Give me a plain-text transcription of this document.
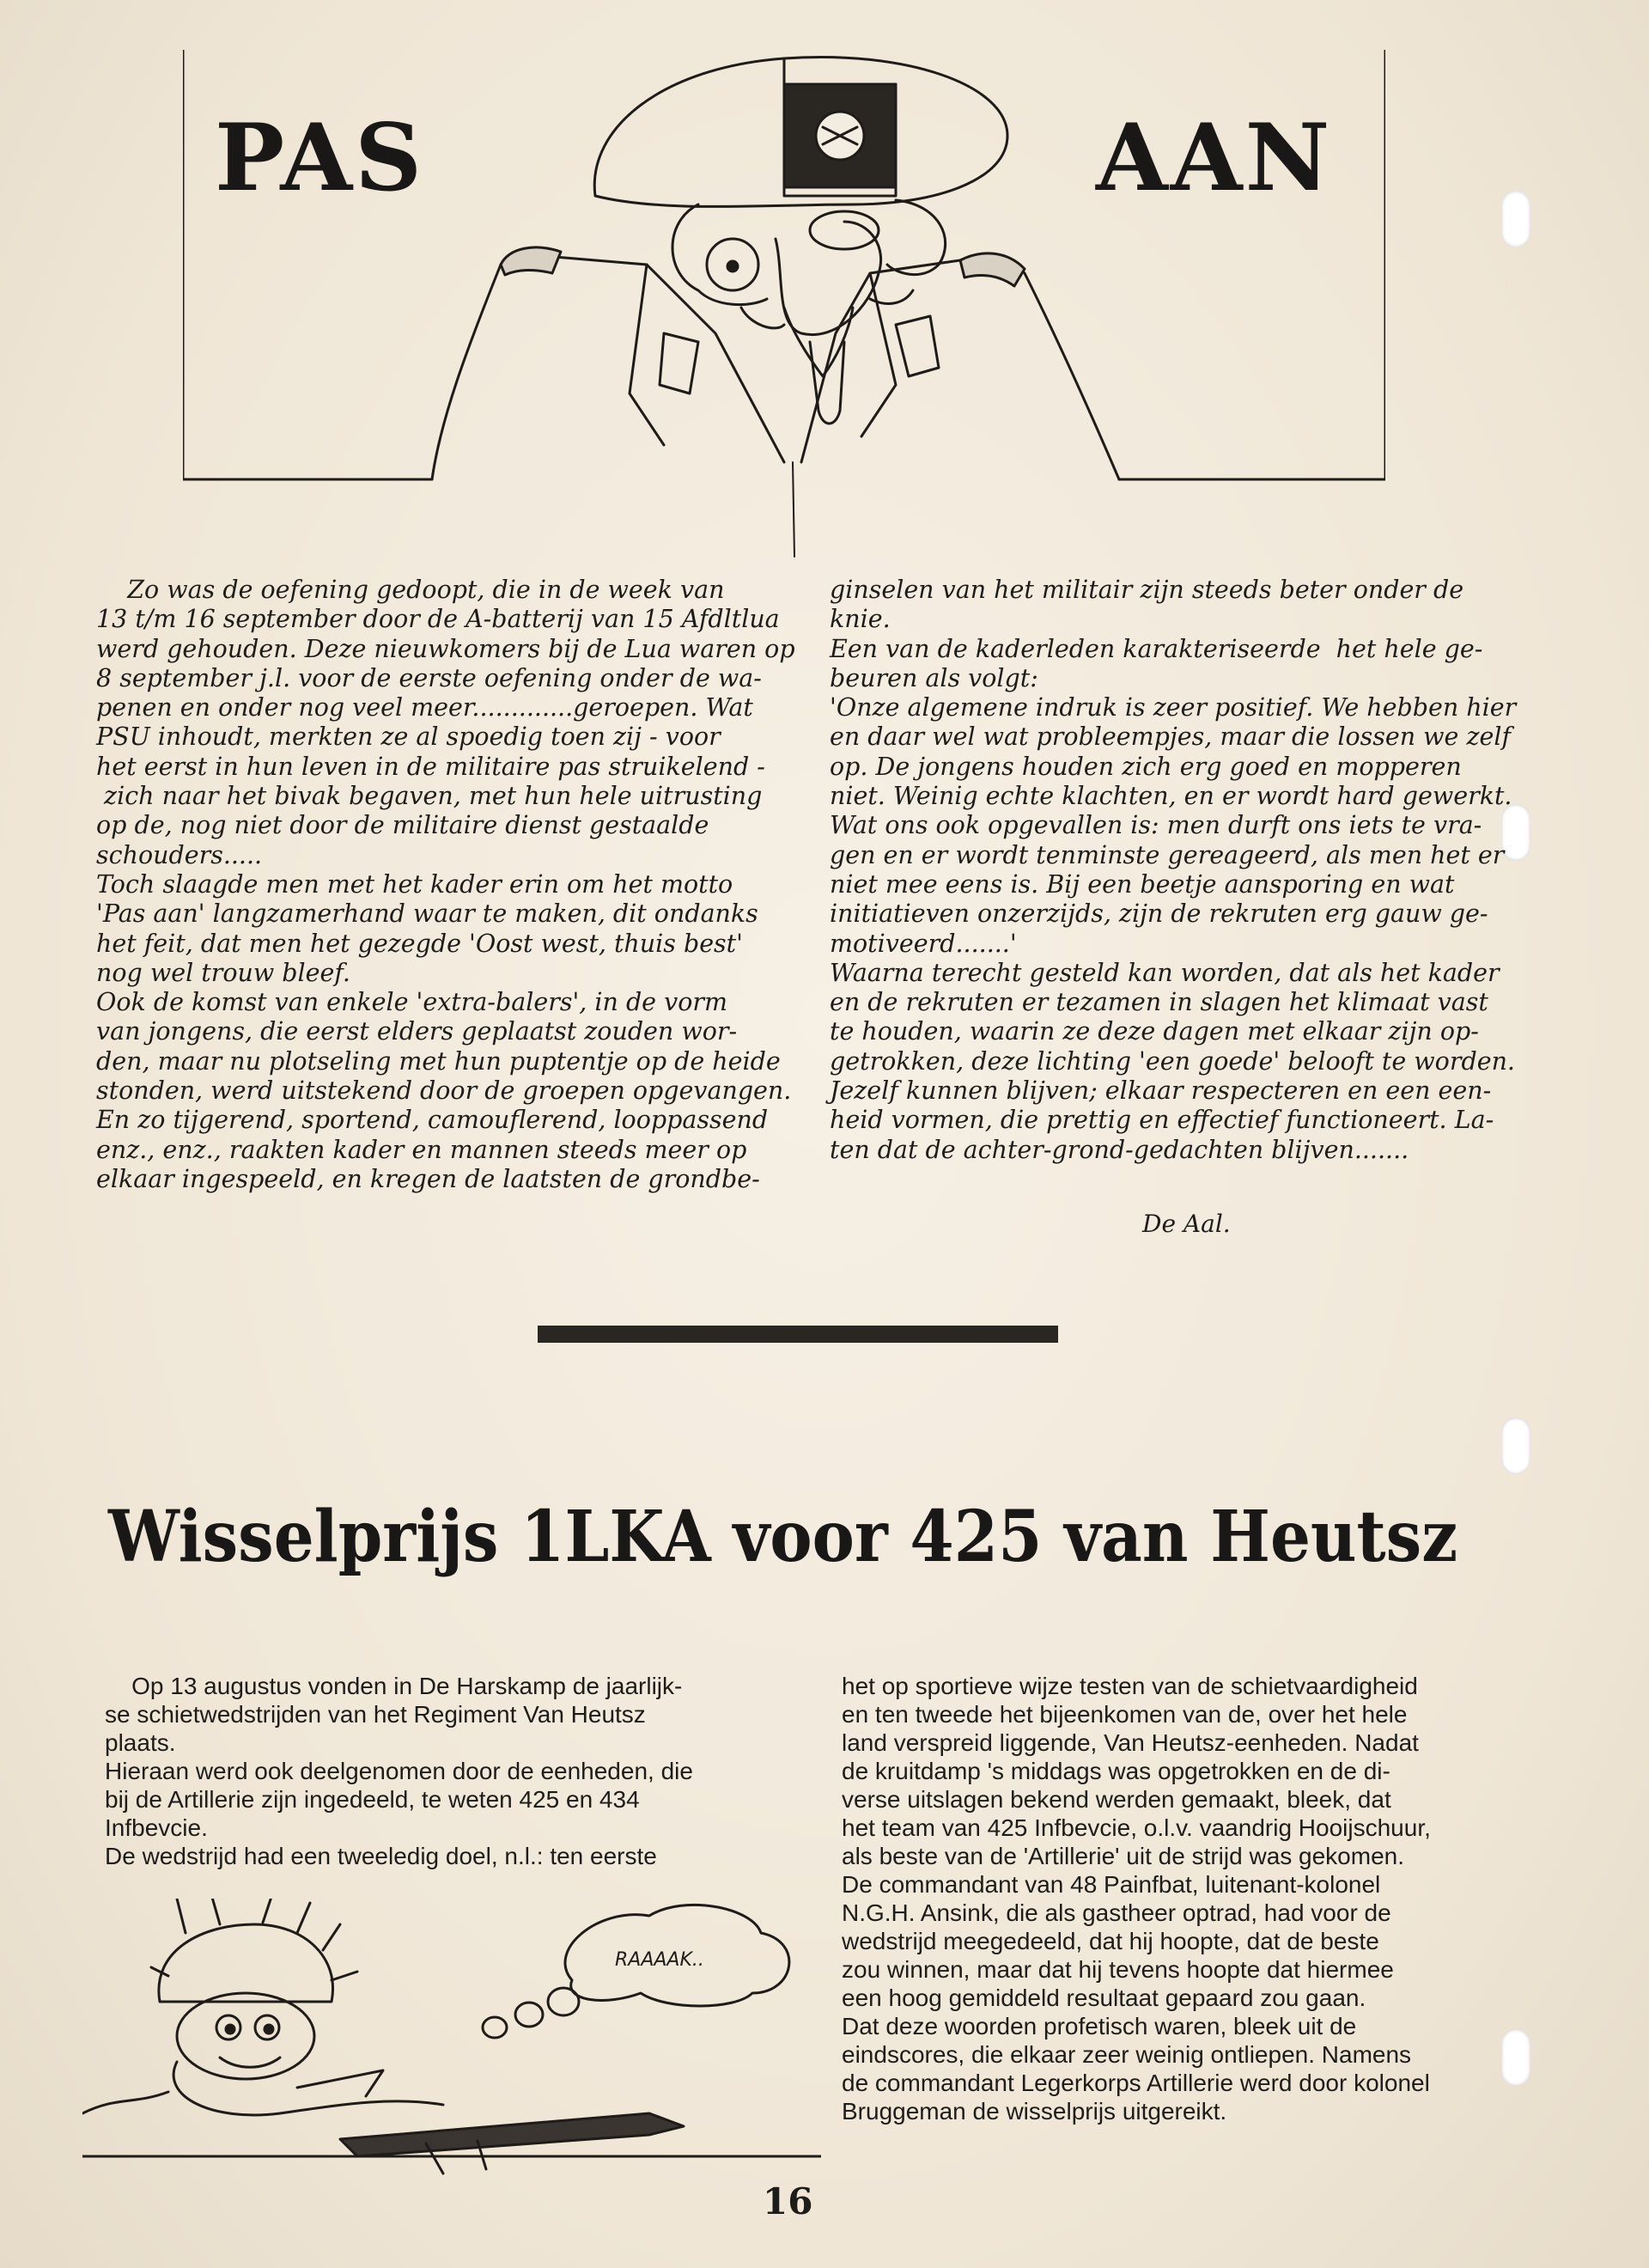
PAS	AAN
Zo was de oefening gedoopt, die in de week van
13 t/m 16 september door de A-batterij van 15 Afdltlua
werd gehouden. Deze nieuwkomers bij de Lua waren op
8 september j.l. voor de eerste oefening onder de wa-
penen en onder nog veel meer.............geroepen. Wat
PSU inhoudt, merkten ze al spoedig toen zij - voor
het eerst in hun leven in de militaire pas struikelend -
zich naar het bivak begaven, met hun hele uitrusting
op de, nog niet door de militaire dienst gestaalde
schouders.....
Toch slaagde men met het kader erin om het motto
'Pas aan' langzamerhand waar te maken, dit ondanks
het feit, dat men het gezegde 'Oost west, thuis best'
nog wel trouw bleef.
Ook de komst van enkele 'extra-balers', in de vorm
van jongens, die eerst elders geplaatst zouden wor-
den, maar nu plotseling met hun puptentje op de heide
stonden, werd uitstekend door de groepen opgevangen.
En zo tijgerend, sportend, camouflerend, looppassend
enz., enz., raakten kader en mannen steeds meer op
elkaar ingespeeld, en kregen de laatsten de grondbe-
ginselen van het militair zijn steeds beter onder de
knie.
Een van de kaderleden karakteriseerde  het hele ge-
beuren als volgt:
'Onze algemene indruk is zeer positief. We hebben hier
en daar wel wat probleempjes, maar die lossen we zelf
op. De jongens houden zich erg goed en mopperen
niet. Weinig echte klachten, en er wordt hard gewerkt.
Wat ons ook opgevallen is: men durft ons iets te vra-
gen en er wordt tenminste gereageerd, als men het er
niet mee eens is. Bij een beetje aansporing en wat
initiatieven onzerzijds, zijn de rekruten erg gauw ge-
motiveerd.......'
Waarna terecht gesteld kan worden, dat als het kader
en de rekruten er tezamen in slagen het klimaat vast
te houden, waarin ze deze dagen met elkaar zijn op-
getrokken, deze lichting 'een goede' belooft te worden.
Jezelf kunnen blijven; elkaar respecteren en een een-
heid vormen, die prettig en effectief functioneert. La-
ten dat de achter-grond-gedachten blijven.......
De Aal.
Wisselprijs 1LKA voor 425 van Heutsz
Op 13 augustus vonden in De Harskamp de jaarlijk-
se schietwedstrijden van het Regiment Van Heutsz
plaats.
Hieraan werd ook deelgenomen door de eenheden, die
bij de Artillerie zijn ingedeeld, te weten 425 en 434
Infbevcie.
De wedstrijd had een tweeledig doel, n.l.: ten eerste
het op sportieve wijze testen van de schietvaardigheid
en ten tweede het bijeenkomen van de, over het hele
land verspreid liggende, Van Heutsz-eenheden. Nadat
de kruitdamp 's middags was opgetrokken en de di-
verse uitslagen bekend werden gemaakt, bleek, dat
het team van 425 Infbevcie, o.l.v. vaandrig Hooijschuur,
als beste van de 'Artillerie' uit de strijd was gekomen.
De commandant van 48 Painfbat, luitenant-kolonel
N.G.H. Ansink, die als gastheer optrad, had voor de
wedstrijd meegedeeld, dat hij hoopte, dat de beste
zou winnen, maar dat hij tevens hoopte dat hiermee
een hoog gemiddeld resultaat gepaard zou gaan.
Dat deze woorden profetisch waren, bleek uit de
eindscores, die elkaar zeer weinig ontliepen. Namens
de commandant Legerkorps Artillerie werd door kolonel
Bruggeman de wisselprijs uitgereikt.
RAAAAK..
16
